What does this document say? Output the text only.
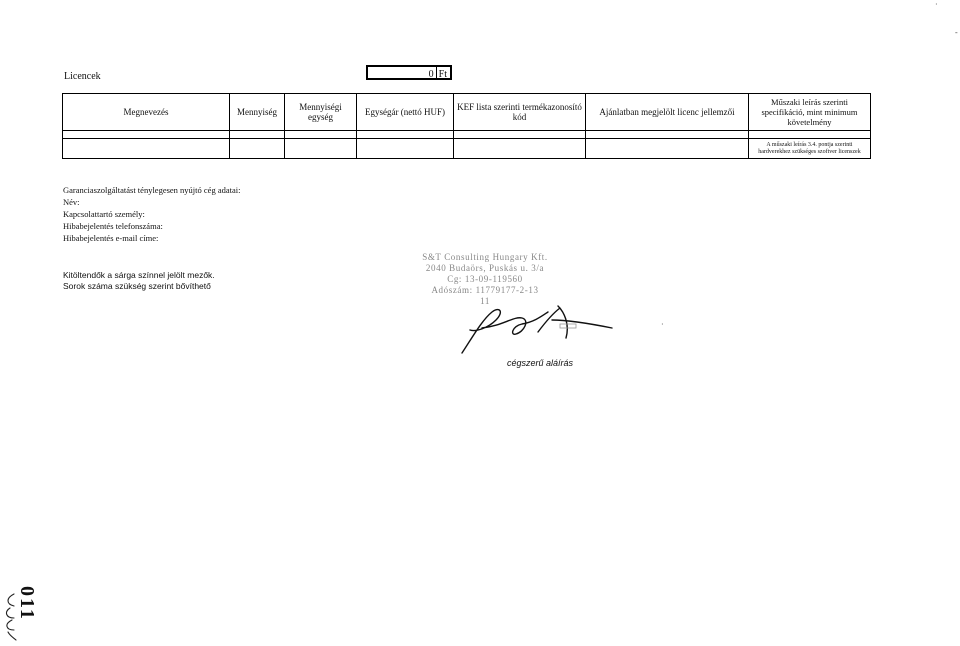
Licencek	0 Ft
Megnevezés	Mennyiség	Mennyiségi egység	Egységár (nettó HUF)	KEF lista szerinti termékazonosító kód	Ajánlatban megjelölt licenc jellemzői	Műszaki leírás szerinti specifikáció, mint minimum követelmény

						A műszaki leírás 3.4. pontja szerinti hardverekhez szükséges szoftver licenszek
Garanciaszolgáltatást ténylegesen nyújtó cég adatai:
Név:
Kapcsolattartó személy:
Hibabejelentés telefonszáma:
Hibabejelentés e-mail címe:
Kitöltendők a sárga színnel jelölt mezők.
Sorok száma szükség szerint bővíthető
S&T Consulting Hungary Kft.
2040 Budaörs, Puskás u. 3/a
Cg: 13-09-119560
Adószám: 11779177-2-13
11
cégszerű aláírás
011
·
-
·
